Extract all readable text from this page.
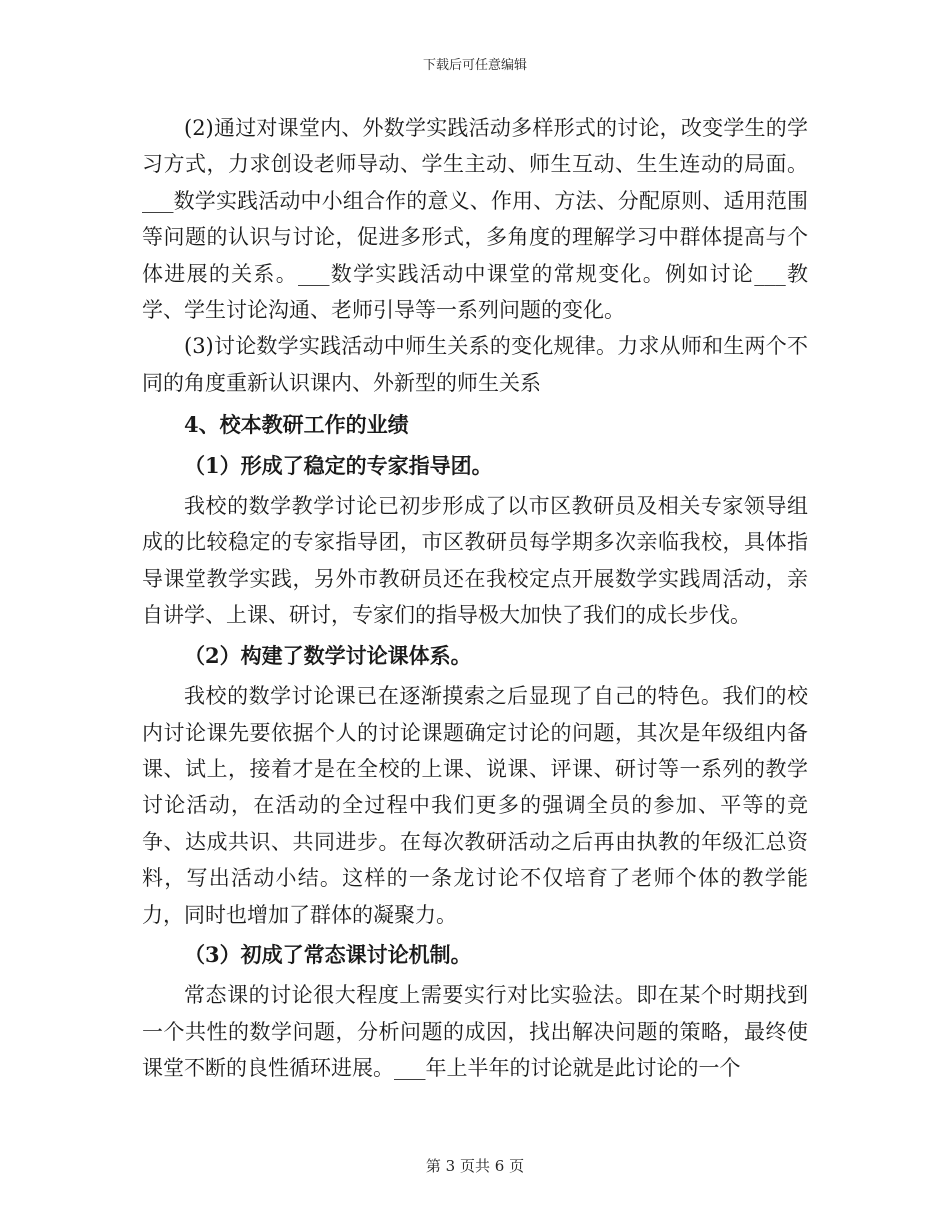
下载后可任意编辑

(2)通过对课堂内、外数学实践活动多样形式的讨论，改变学生的学习方式，力求创设老师导动、学生主动、师生互动、生生连动的局面。___数学实践活动中小组合作的意义、作用、方法、分配原则、适用范围等问题的认识与讨论，促进多形式，多角度的理解学习中群体提高与个体进展的关系。___数学实践活动中课堂的常规变化。例如讨论___教学、学生讨论沟通、老师引导等一系列问题的变化。

(3)讨论数学实践活动中师生关系的变化规律。力求从师和生两个不同的角度重新认识课内、外新型的师生关系

4、校本教研工作的业绩

（1）形成了稳定的专家指导团。

我校的数学教学讨论已初步形成了以市区教研员及相关专家领导组成的比较稳定的专家指导团，市区教研员每学期多次亲临我校，具体指导课堂教学实践，另外市教研员还在我校定点开展数学实践周活动，亲自讲学、上课、研讨，专家们的指导极大加快了我们的成长步伐。

（2）构建了数学讨论课体系。

我校的数学讨论课已在逐渐摸索之后显现了自己的特色。我们的校内讨论课先要依据个人的讨论课题确定讨论的问题，其次是年级组内备课、试上，接着才是在全校的上课、说课、评课、研讨等一系列的教学讨论活动，在活动的全过程中我们更多的强调全员的参加、平等的竞争、达成共识、共同进步。在每次教研活动之后再由执教的年级汇总资料，写出活动小结。这样的一条龙讨论不仅培育了老师个体的教学能力，同时也增加了群体的凝聚力。

（3）初成了常态课讨论机制。

常态课的讨论很大程度上需要实行对比实验法。即在某个时期找到一个共性的数学问题，分析问题的成因，找出解决问题的策略，最终使课堂不断的良性循环进展。___年上半年的讨论就是此讨论的一个

第 3 页共 6 页
